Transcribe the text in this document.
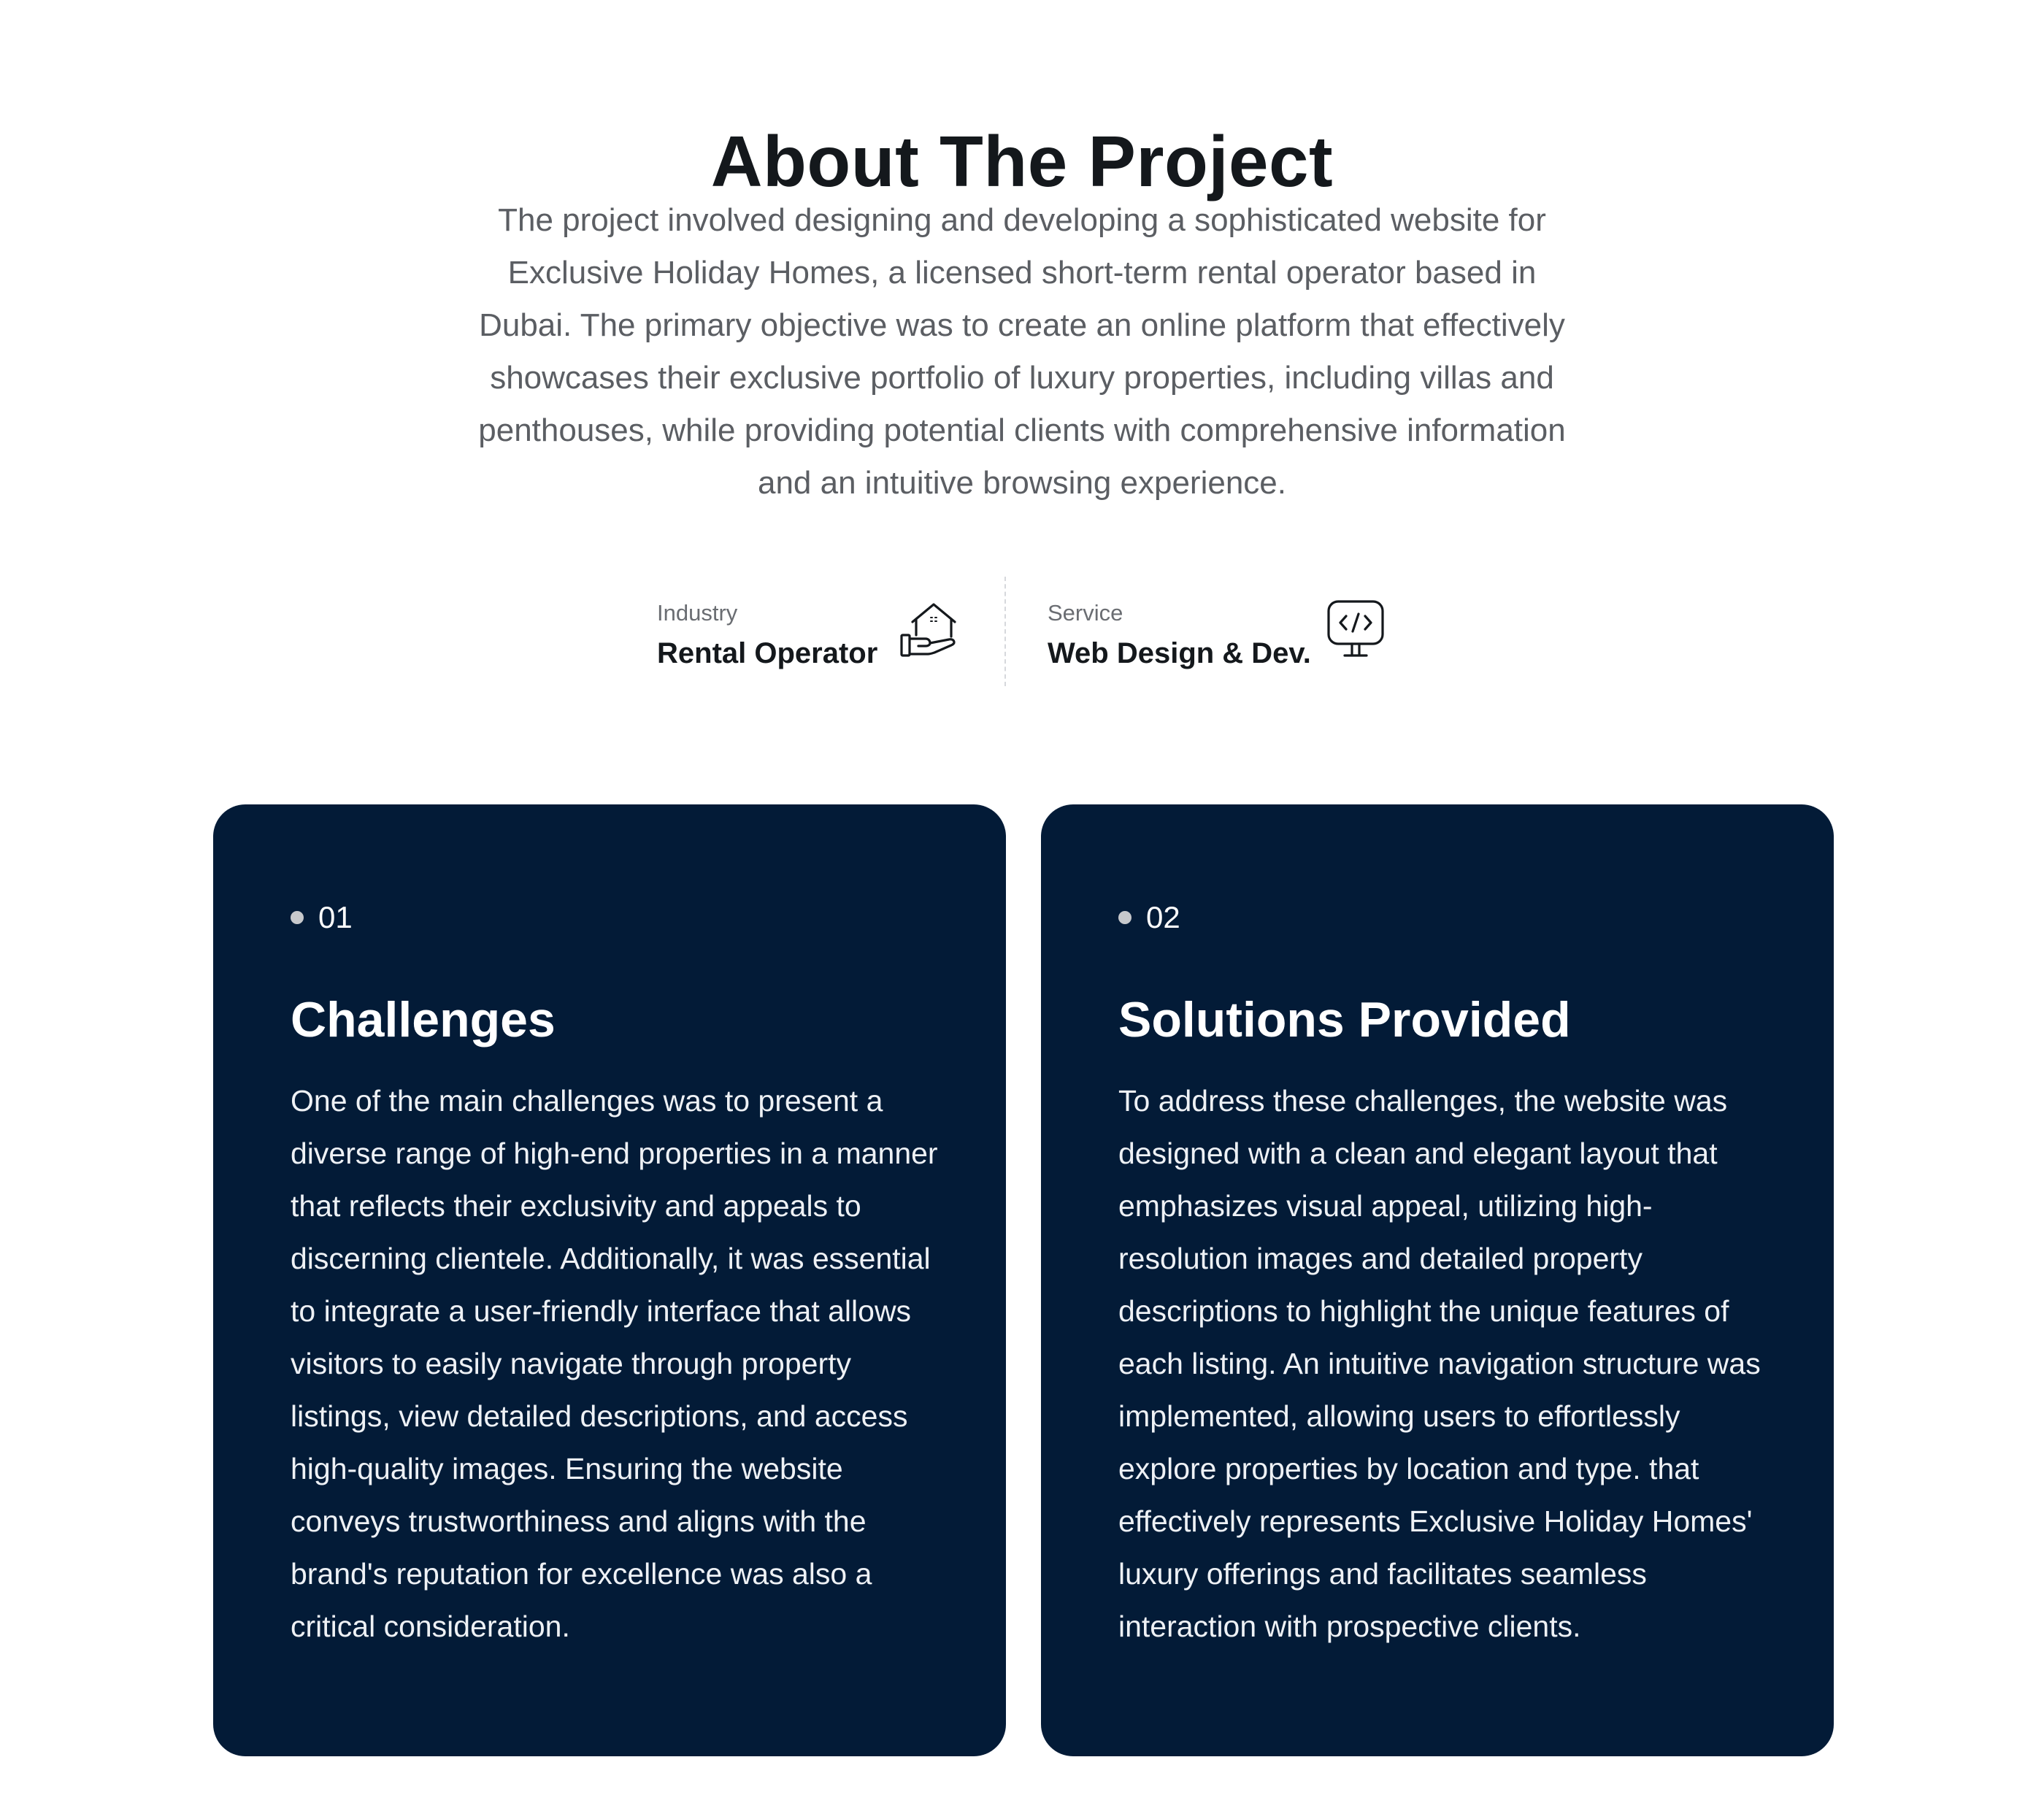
About The Project

The project involved designing and developing a sophisticated website for Exclusive Holiday Homes, a licensed short-term rental operator based in Dubai. The primary objective was to create an online platform that effectively showcases their exclusive portfolio of luxury properties, including villas and penthouses, while providing potential clients with comprehensive information and an intuitive browsing experience.

Industry
Rental Operator
Service
Web Design & Dev.
01
Challenges

One of the main challenges was to present a diverse range of high-end properties in a manner that reflects their exclusivity and appeals to discerning clientele. Additionally, it was essential to integrate a user-friendly interface that allows visitors to easily navigate through property listings, view detailed descriptions, and access high-quality images. Ensuring the website conveys trustworthiness and aligns with the brand's reputation for excellence was also a critical consideration.

02
Solutions Provided

To address these challenges, the website was designed with a clean and elegant layout that emphasizes visual appeal, utilizing high-resolution images and detailed property descriptions to highlight the unique features of each listing. An intuitive navigation structure was implemented, allowing users to effortlessly explore properties by location and type. that effectively represents Exclusive Holiday Homes' luxury offerings and facilitates seamless interaction with prospective clients.
